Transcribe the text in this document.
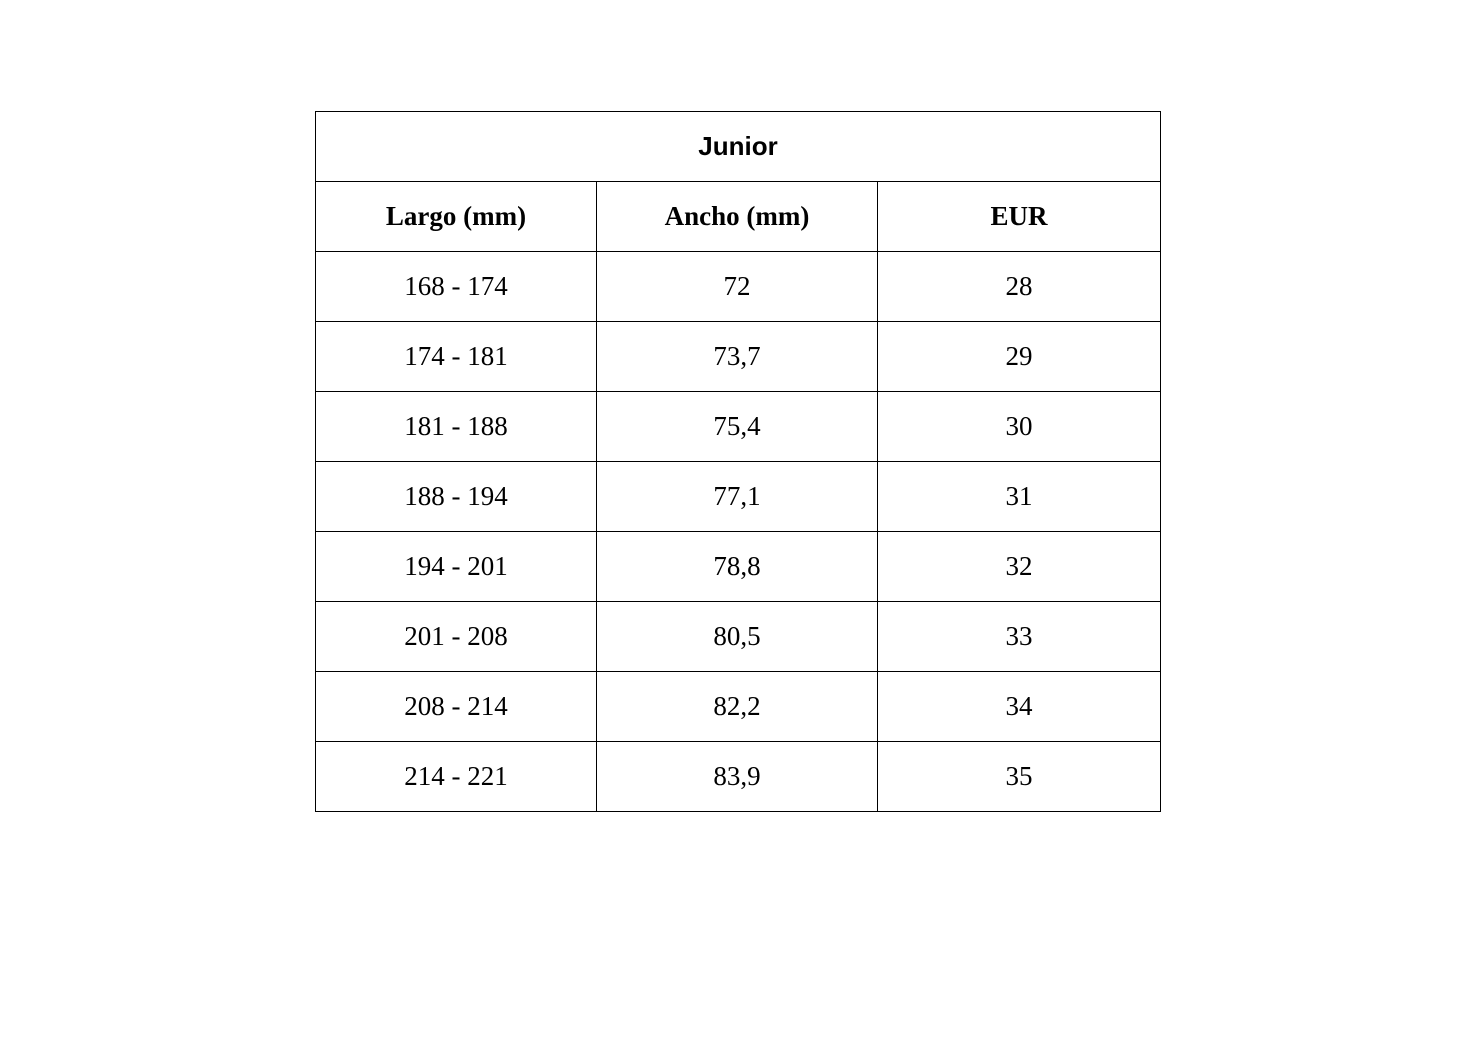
Junior		
Largo (mm)	Ancho (mm)	EUR
168 - 174	72	28
174 - 181	73,7	29
181 - 188	75,4	30
188 - 194	77,1	31
194 - 201	78,8	32
201 - 208	80,5	33
208 - 214	82,2	34
214 - 221	83,9	35
